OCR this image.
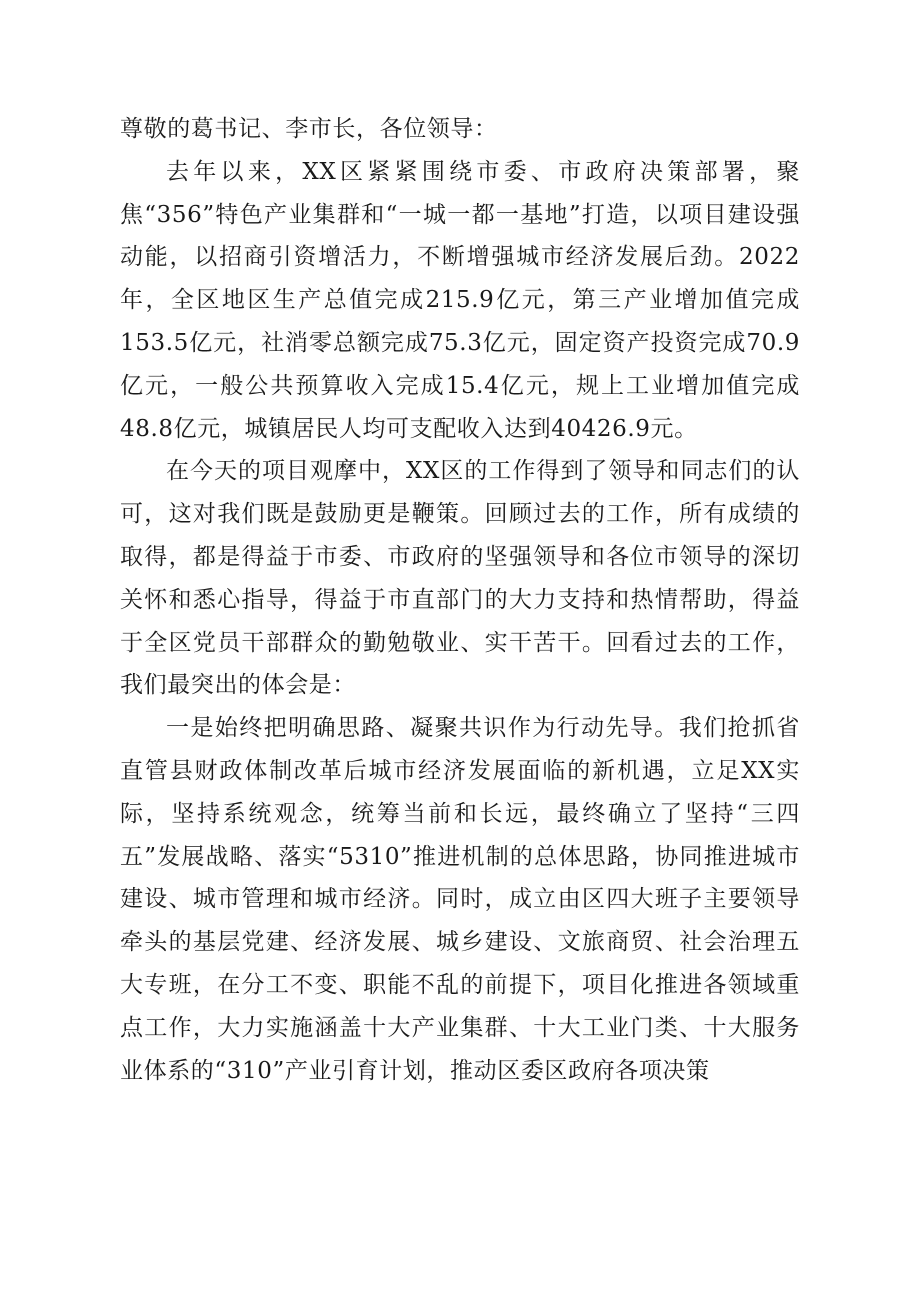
尊敬的葛书记、李市长，各位领导：

去年以来，XX区紧紧围绕市委、市政府决策部署，聚焦“356”特色产业集群和“一城一都一基地”打造，以项目建设强动能，以招商引资增活力，不断增强城市经济发展后劲。2022年，全区地区生产总值完成215.9亿元，第三产业增加值完成153.5亿元，社消零总额完成75.3亿元，固定资产投资完成70.9亿元，一般公共预算收入完成15.4亿元，规上工业增加值完成48.8亿元，城镇居民人均可支配收入达到40426.9元。

在今天的项目观摩中，XX区的工作得到了领导和同志们的认可，这对我们既是鼓励更是鞭策。回顾过去的工作，所有成绩的取得，都是得益于市委、市政府的坚强领导和各位市领导的深切关怀和悉心指导，得益于市直部门的大力支持和热情帮助，得益于全区党员干部群众的勤勉敬业、实干苦干。回看过去的工作，我们最突出的体会是：

一是始终把明确思路、凝聚共识作为行动先导。我们抢抓省直管县财政体制改革后城市经济发展面临的新机遇，立足XX实际，坚持系统观念，统筹当前和长远，最终确立了坚持“三四五”发展战略、落实“5310”推进机制的总体思路，协同推进城市建设、城市管理和城市经济。同时，成立由区四大班子主要领导牵头的基层党建、经济发展、城乡建设、文旅商贸、社会治理五大专班，在分工不变、职能不乱的前提下，项目化推进各领域重点工作，大力实施涵盖十大产业集群、十大工业门类、十大服务业体系的“310”产业引育计划，推动区委区政府各项决策
